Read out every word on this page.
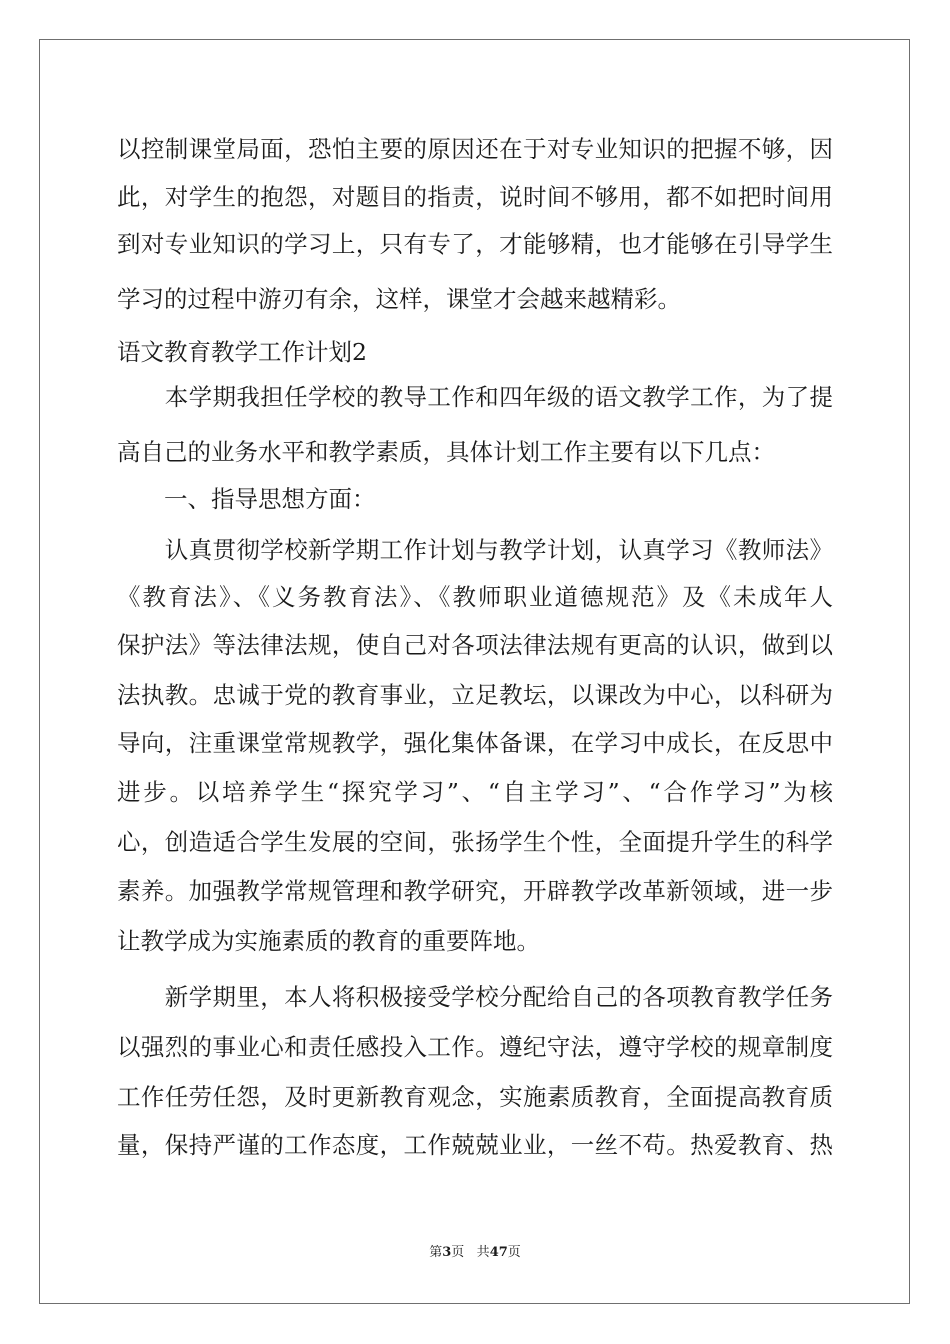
以控制课堂局面，恐怕主要的原因还在于对专业知识的把握不够，因
此，对学生的抱怨，对题目的指责，说时间不够用，都不如把时间用
到对专业知识的学习上，只有专了，才能够精，也才能够在引导学生
学习的过程中游刃有余，这样，课堂才会越来越精彩。
语文教育教学工作计划2
　　本学期我担任学校的教导工作和四年级的语文教学工作，为了提
高自己的业务水平和教学素质，具体计划工作主要有以下几点：
　　一、指导思想方面：
　　认真贯彻学校新学期工作计划与教学计划，认真学习《教师法》
《教育法》、《义务教育法》、《教师职业道德规范》及《未成年人
保护法》等法律法规，使自己对各项法律法规有更高的认识，做到以
法执教。忠诚于党的教育事业，立足教坛，以课改为中心，以科研为
导向，注重课堂常规教学，强化集体备课，在学习中成长，在反思中
进步。以培养学生“探究学习”、“自主学习”、“合作学习”为核
心，创造适合学生发展的空间，张扬学生个性，全面提升学生的科学
素养。加强教学常规管理和教学研究，开辟教学改革新领域，进一步
让教学成为实施素质的教育的重要阵地。
　　新学期里，本人将积极接受学校分配给自己的各项教育教学任务
以强烈的事业心和责任感投入工作。遵纪守法，遵守学校的规章制度
工作任劳任怨，及时更新教育观念，实施素质教育，全面提高教育质
量，保持严谨的工作态度，工作兢兢业业，一丝不苟。热爱教育、热
第3页 共47页
